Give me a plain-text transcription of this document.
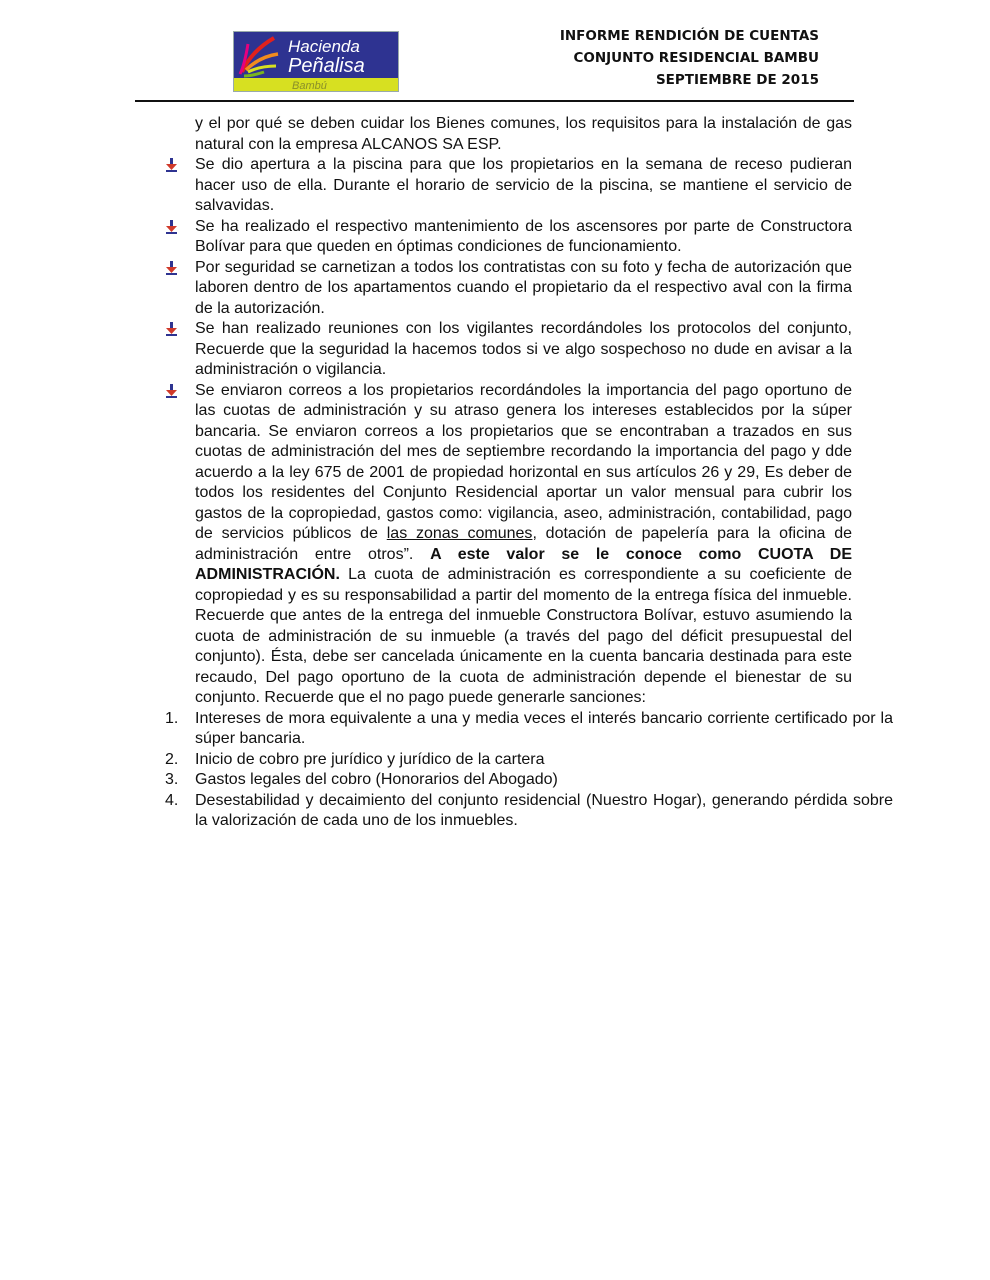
Hacienda
Peñalisa
Bambú
INFORME RENDICIÓN DE CUENTAS
CONJUNTO RESIDENCIAL BAMBU
SEPTIEMBRE DE 2015
y el por qué se deben cuidar los Bienes comunes, los requisitos para la instalación de gas natural con la empresa ALCANOS SA ESP.
Se dio apertura a la piscina para que los propietarios en la semana de receso pudieran hacer uso de ella. Durante el horario de servicio de la piscina, se mantiene el servicio de salvavidas.
Se ha realizado el respectivo mantenimiento de los ascensores por parte de Constructora Bolívar para que queden en óptimas condiciones de funcionamiento.
Por seguridad se carnetizan a todos los contratistas con su foto y fecha de autorización que laboren dentro de los apartamentos cuando el propietario da el respectivo aval con la firma de la autorización.
Se han realizado reuniones con los vigilantes recordándoles los protocolos del conjunto, Recuerde que la seguridad la hacemos todos si ve algo sospechoso no dude en avisar a la administración o vigilancia.
Se enviaron correos a los propietarios recordándoles la importancia del pago oportuno de las cuotas de administración y su atraso genera los intereses establecidos por la súper bancaria. Se enviaron correos a los propietarios que se encontraban a trazados en sus cuotas de administración del mes de septiembre recordando la importancia del pago y dde acuerdo a la ley 675 de 2001 de propiedad horizontal en sus artículos 26 y 29, Es deber de todos los residentes del Conjunto Residencial aportar un valor mensual para cubrir los gastos de la copropiedad, gastos como: vigilancia, aseo, administración, contabilidad, pago de servicios públicos de las zonas comunes, dotación de papelería para la oficina de administración entre otros”. A este valor se le conoce como CUOTA DE ADMINISTRACIÓN. La cuota de administración es correspondiente a su coeficiente de copropiedad y es su responsabilidad a partir del momento de la entrega física del inmueble. Recuerde que antes de la entrega del inmueble Constructora Bolívar, estuvo asumiendo la cuota de administración de su inmueble (a través del pago del déficit presupuestal del conjunto). Ésta, debe ser cancelada únicamente en la cuenta bancaria destinada para este recaudo, Del pago oportuno de la cuota de administración depende el bienestar de su conjunto. Recuerde que el no pago puede generarle sanciones:
1. Intereses de mora equivalente a una y media veces el interés bancario corriente certificado por la súper bancaria.
2. Inicio de cobro pre jurídico y jurídico de la cartera
3. Gastos legales del cobro (Honorarios del Abogado)
4. Desestabilidad y decaimiento del conjunto residencial (Nuestro Hogar), generando pérdida sobre la valorización de cada uno de los inmuebles.
